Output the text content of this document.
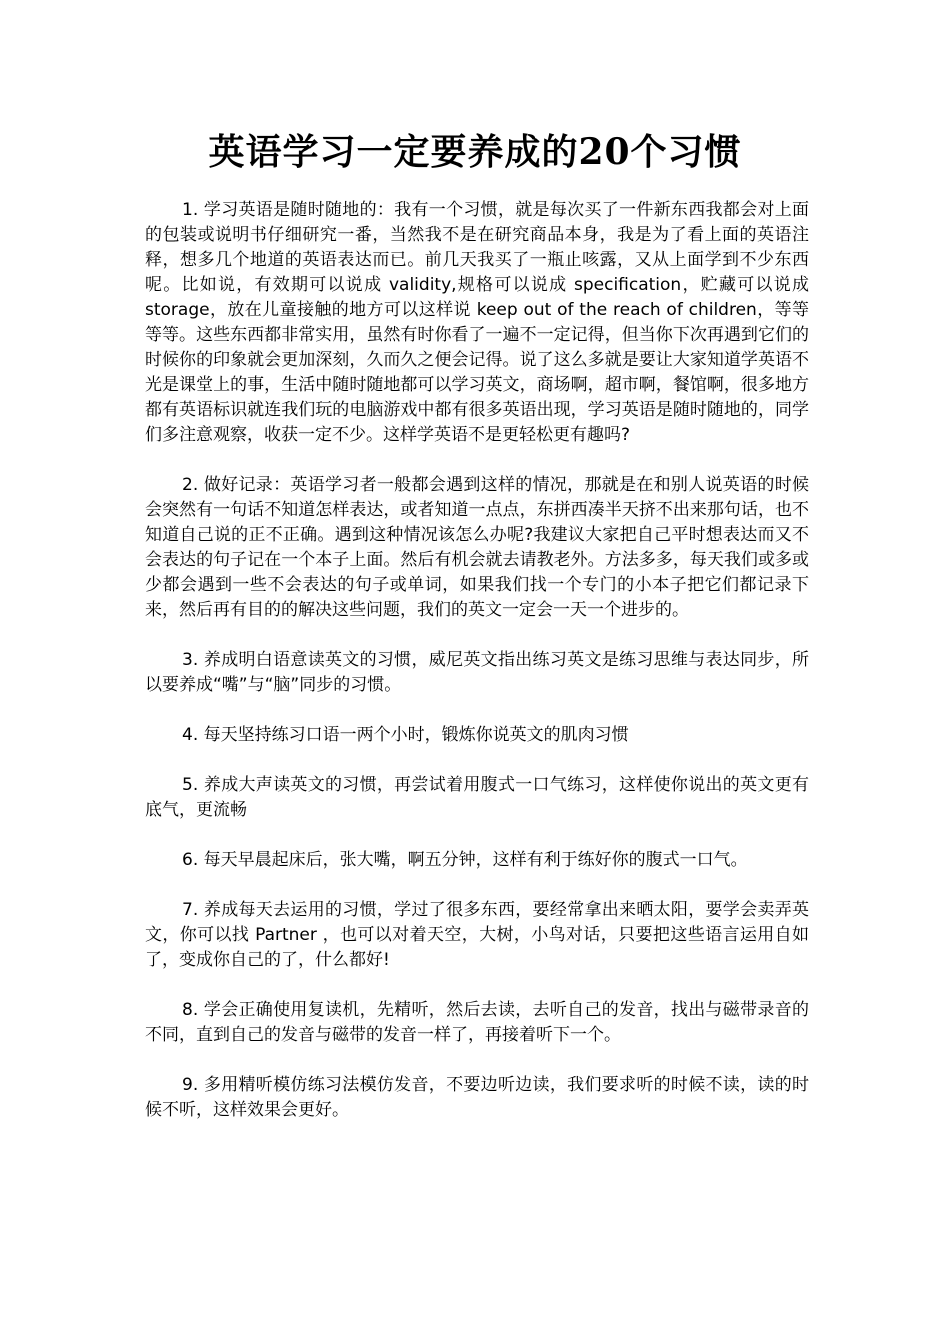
英语学习一定要养成的20个习惯

1. 学习英语是随时随地的：我有一个习惯，就是每次买了一件新东西我都会对上面的包装或说明书仔细研究一番，当然我不是在研究商品本身，我是为了看上面的英语注释，想多几个地道的英语表达而已。前几天我买了一瓶止咳露，又从上面学到不少东西呢。比如说，有效期可以说成 validity,规格可以说成 specification，贮藏可以说成 storage，放在儿童接触的地方可以这样说 keep out of the reach of children，等等等等。这些东西都非常实用，虽然有时你看了一遍不一定记得，但当你下次再遇到它们的时候你的印象就会更加深刻，久而久之便会记得。说了这么多就是要让大家知道学英语不光是课堂上的事，生活中随时随地都可以学习英文，商场啊，超市啊，餐馆啊，很多地方都有英语标识就连我们玩的电脑游戏中都有很多英语出现，学习英语是随时随地的，同学们多注意观察，收获一定不少。这样学英语不是更轻松更有趣吗?

2. 做好记录：英语学习者一般都会遇到这样的情况，那就是在和别人说英语的时候会突然有一句话不知道怎样表达，或者知道一点点，东拼西凑半天挤不出来那句话，也不知道自己说的正不正确。遇到这种情况该怎么办呢?我建议大家把自己平时想表达而又不会表达的句子记在一个本子上面。然后有机会就去请教老外。方法多多，每天我们或多或少都会遇到一些不会表达的句子或单词，如果我们找一个专门的小本子把它们都记录下来，然后再有目的的解决这些问题，我们的英文一定会一天一个进步的。

3. 养成明白语意读英文的习惯，威尼英文指出练习英文是练习思维与表达同步，所以要养成“嘴”与“脑”同步的习惯。

4. 每天坚持练习口语一两个小时，锻炼你说英文的肌肉习惯

5. 养成大声读英文的习惯，再尝试着用腹式一口气练习，这样使你说出的英文更有底气，更流畅

6. 每天早晨起床后，张大嘴，啊五分钟，这样有利于练好你的腹式一口气。

7. 养成每天去运用的习惯，学过了很多东西，要经常拿出来晒太阳，要学会卖弄英文，你可以找 Partner ，也可以对着天空，大树，小鸟对话，只要把这些语言运用自如了，变成你自己的了，什么都好!

8. 学会正确使用复读机，先精听，然后去读，去听自己的发音，找出与磁带录音的不同，直到自己的发音与磁带的发音一样了，再接着听下一个。

9. 多用精听模仿练习法模仿发音，不要边听边读，我们要求听的时候不读，读的时候不听，这样效果会更好。
